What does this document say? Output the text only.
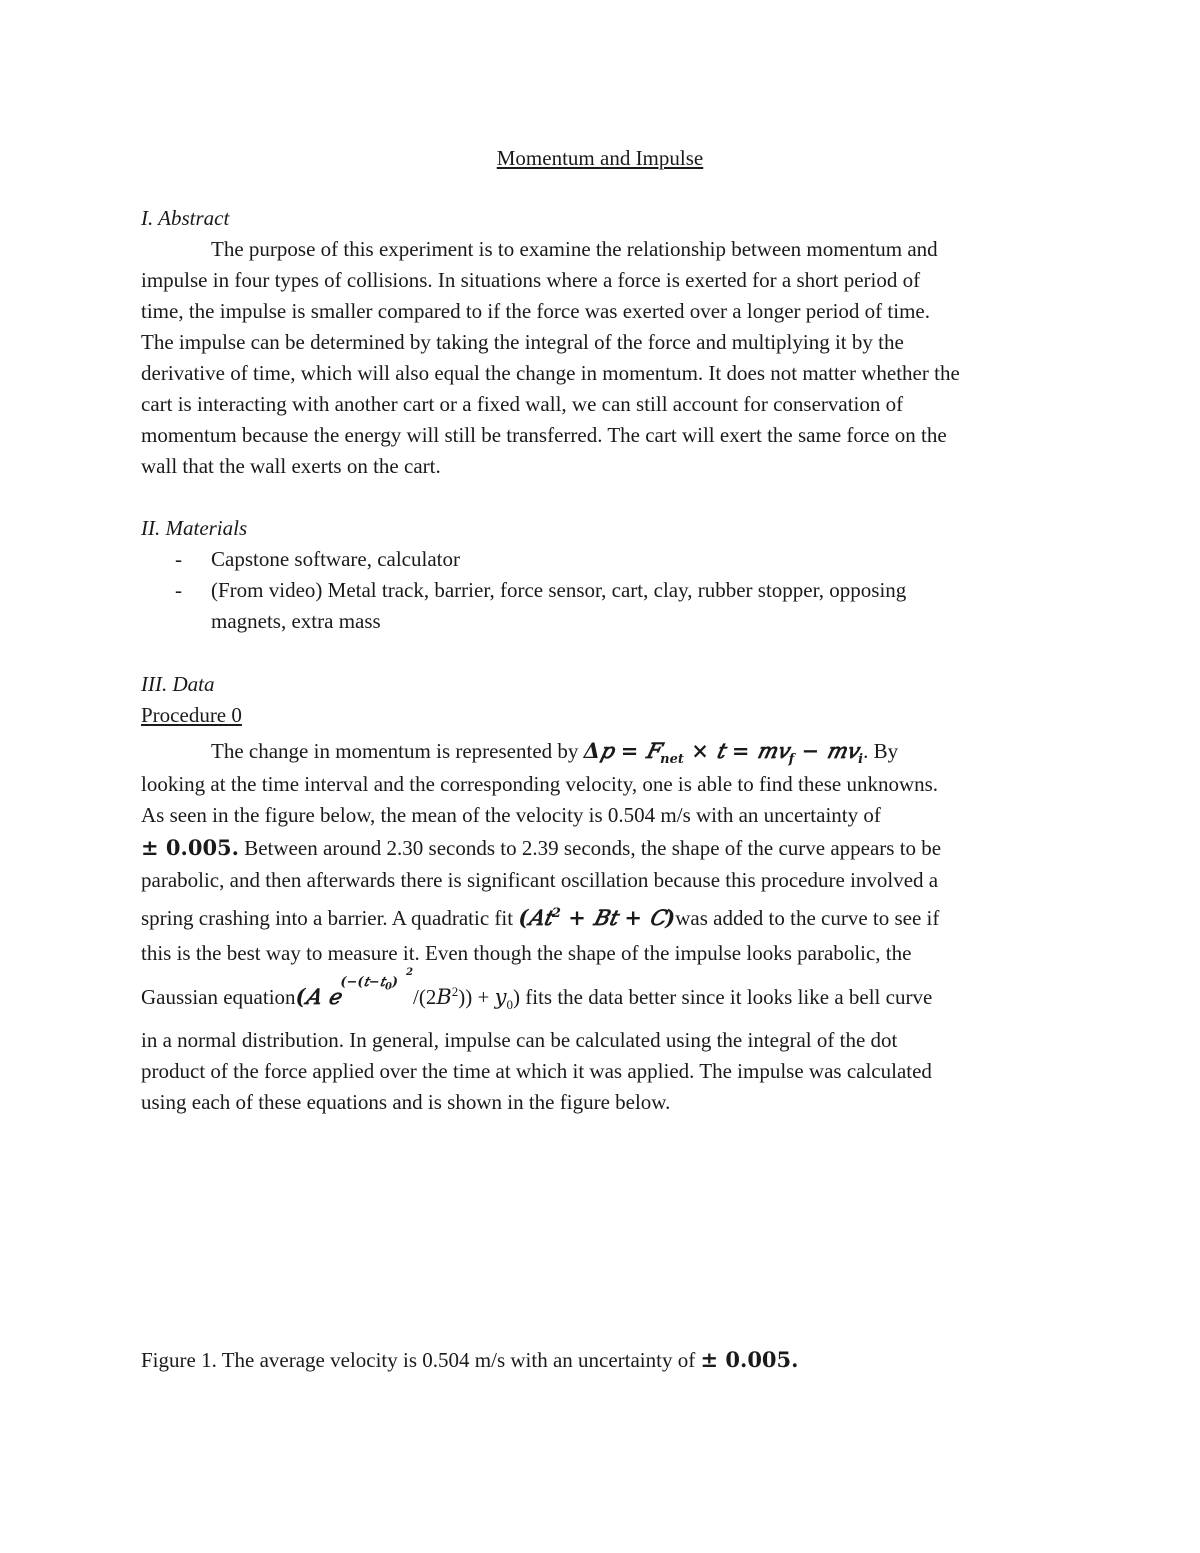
Momentum and Impulse
I. Abstract
The purpose of this experiment is to examine the relationship between momentum and
impulse in four types of collisions. In situations where a force is exerted for a short period of
time, the impulse is smaller compared to if the force was exerted over a longer period of time.
The impulse can be determined by taking the integral of the force and multiplying it by the
derivative of time, which will also equal the change in momentum. It does not matter whether the
cart is interacting with another cart or a fixed wall, we can still account for conservation of
momentum because the energy will still be transferred. The cart will exert the same force on the
wall that the wall exerts on the cart.
II. Materials
- Capstone software, calculator
- (From video) Metal track, barrier, force sensor, cart, clay, rubber stopper, opposing
magnets, extra mass
III. Data
Procedure 0
The change in momentum is represented by Δ𝑝 = 𝐹$_{net}$ × 𝑡 = 𝑚𝑣$_f$ − 𝑚𝑣$_i$. By
looking at the time interval and the corresponding velocity, one is able to find these unknowns.
As seen in the figure below, the mean of the velocity is 0.504 m/s with an uncertainty of
± 0.005. Between around 2.30 seconds to 2.39 seconds, the shape of the curve appears to be
parabolic, and then afterwards there is significant oscillation because this procedure involved a
spring crashing into a barrier. A quadratic fit (𝐴𝑡$^2$ + 𝐵𝑡 + 𝐶)was added to the curve to see if
this is the best way to measure it. Even though the shape of the impulse looks parabolic, the
Gaussian equation(𝐴 𝑒$^{(-(𝑡-𝑡_0)^2}$/(2𝐵$^2$)) + 𝑦$_0$) fits the data better since it looks like a bell curve
in a normal distribution. In general, impulse can be calculated using the integral of the dot
product of the force applied over the time at which it was applied. The impulse was calculated
using each of these equations and is shown in the figure below.
Figure 1. The average velocity is 0.504 m/s with an uncertainty of ± 0.005.
